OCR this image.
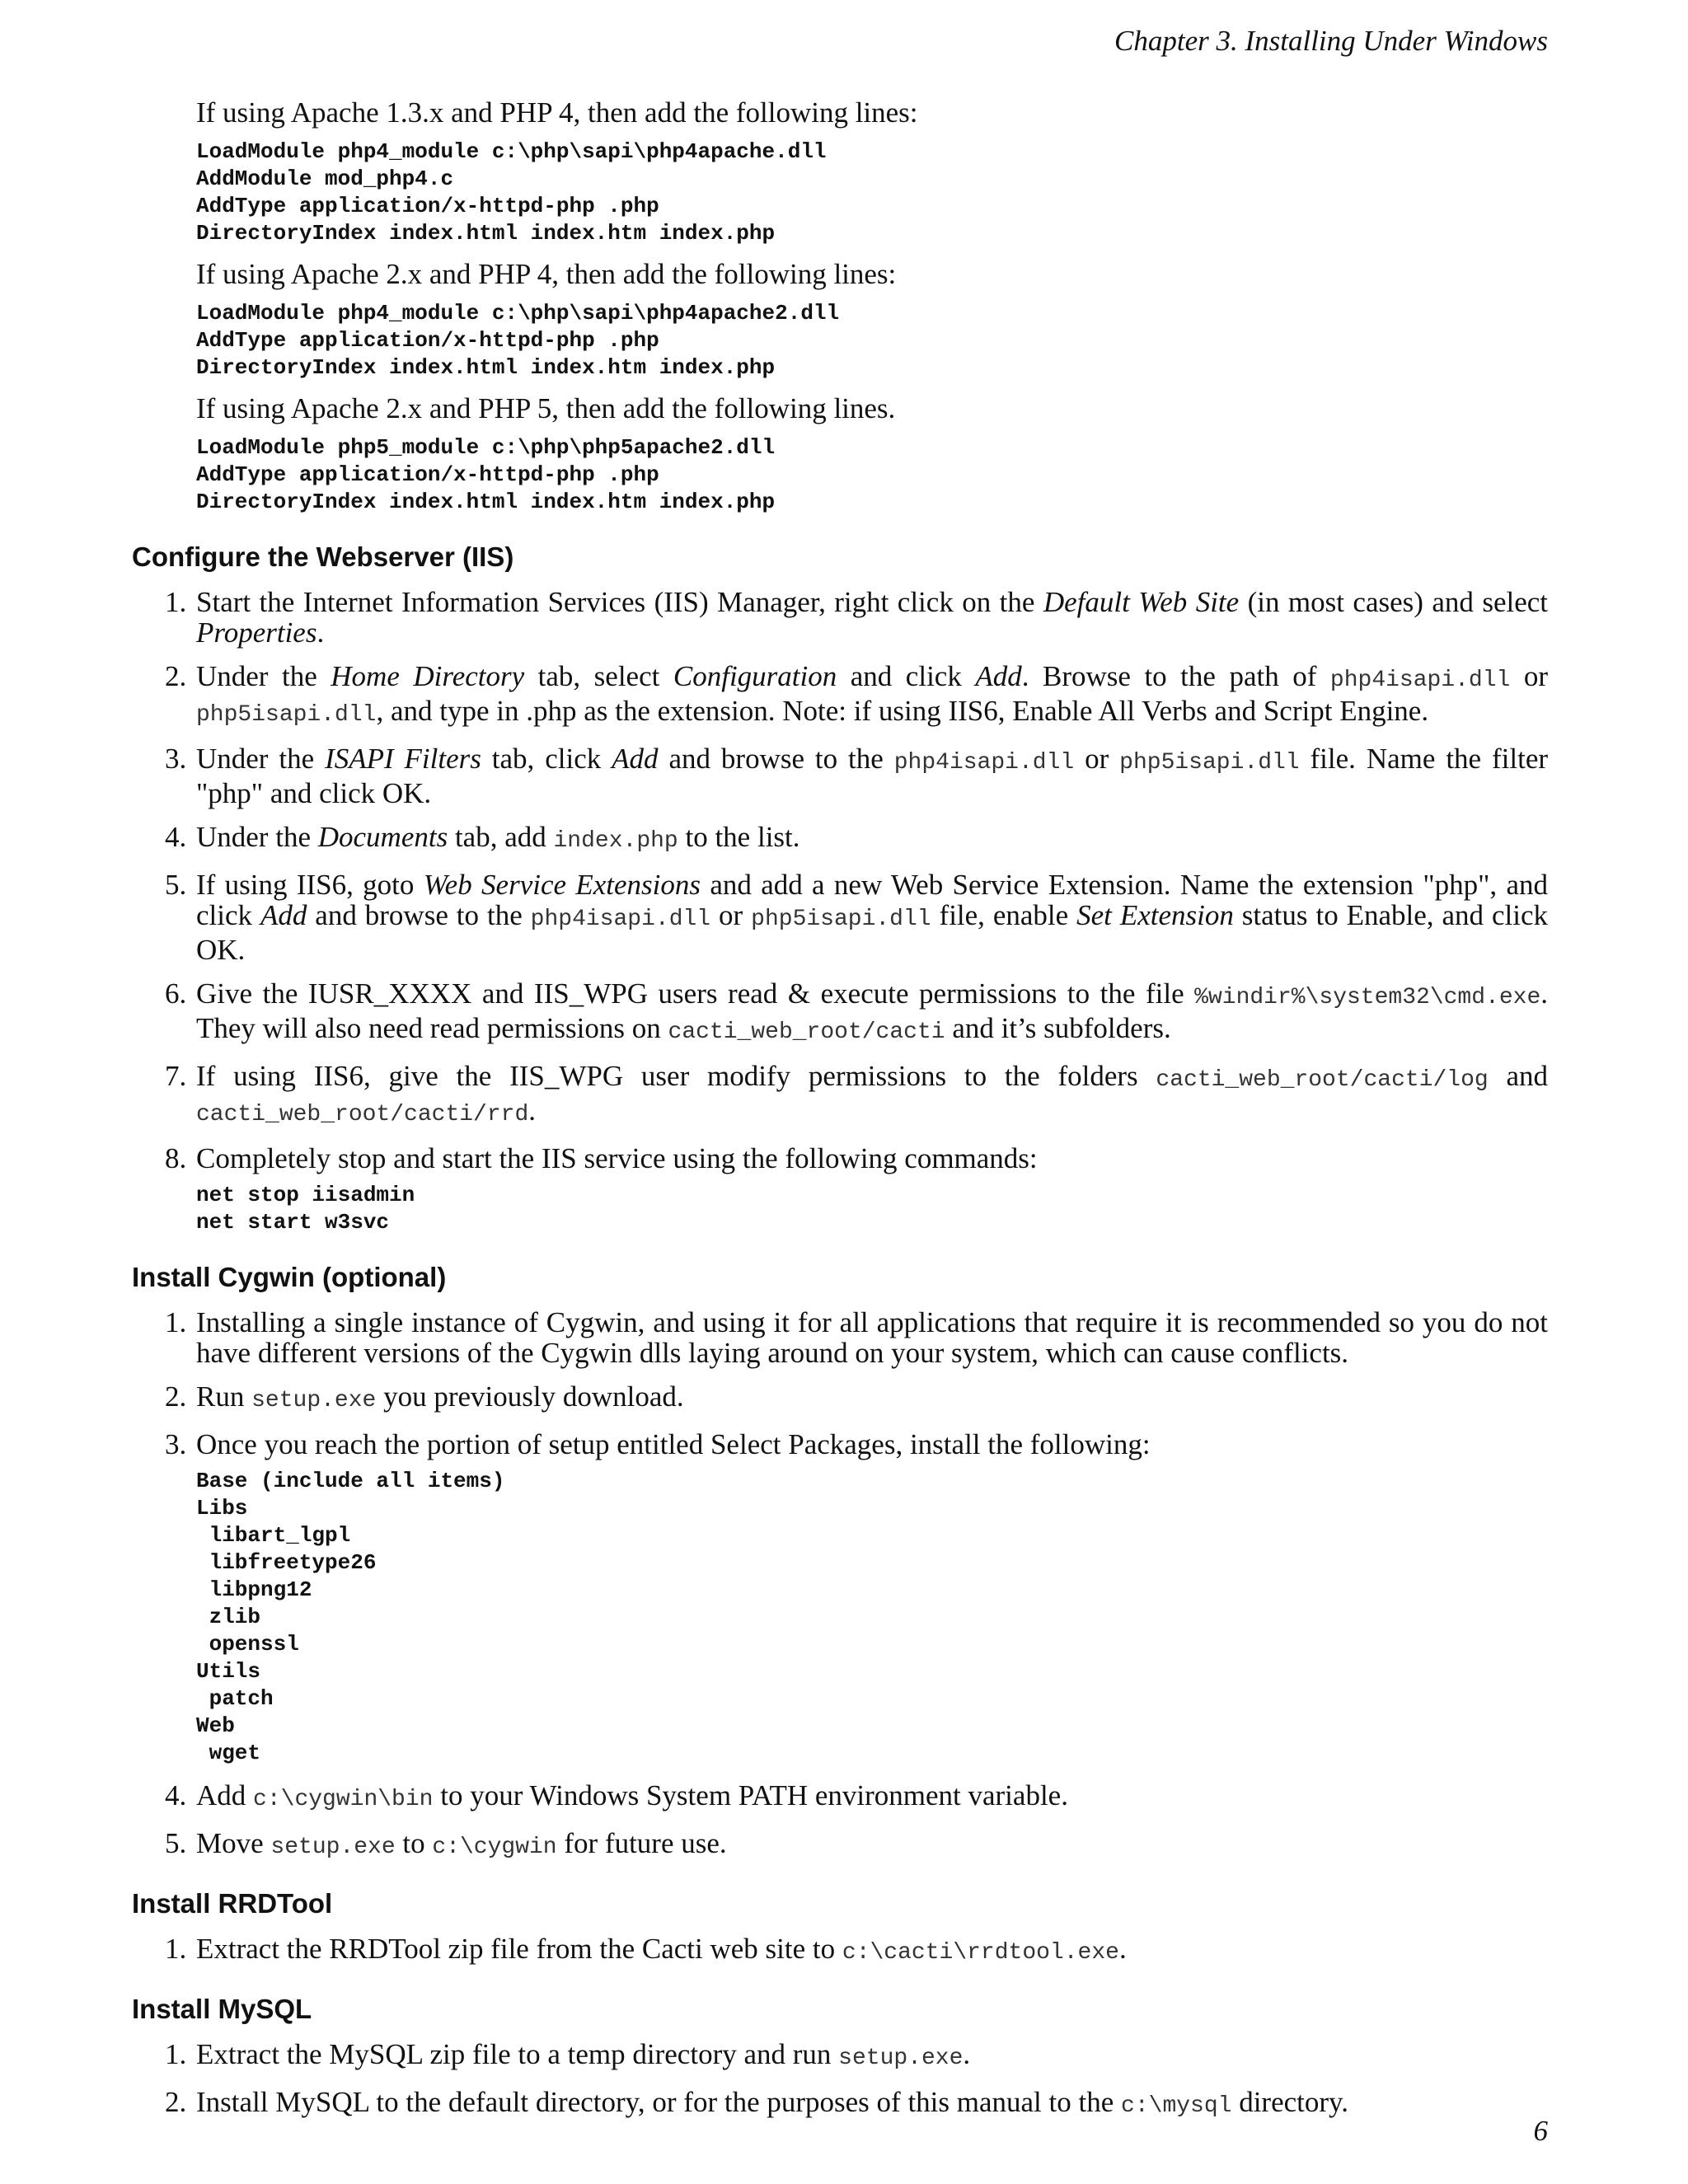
Chapter 3. Installing Under Windows

If using Apache 1.3.x and PHP 4, then add the following lines:

LoadModule php4_module c:\php\sapi\php4apache.dll
AddModule mod_php4.c
AddType application/x-httpd-php .php
DirectoryIndex index.html index.htm index.php

If using Apache 2.x and PHP 4, then add the following lines:

LoadModule php4_module c:\php\sapi\php4apache2.dll
AddType application/x-httpd-php .php
DirectoryIndex index.html index.htm index.php

If using Apache 2.x and PHP 5, then add the following lines.

LoadModule php5_module c:\php\php5apache2.dll
AddType application/x-httpd-php .php
DirectoryIndex index.html index.htm index.php
Configure the Webserver (IIS)
1. Start the Internet Information Services (IIS) Manager, right click on the Default Web Site (in most cases) and select Properties.
2. Under the Home Directory tab, select Configuration and click Add. Browse to the path of php4isapi.dll or php5isapi.dll, and type in .php as the extension. Note: if using IIS6, Enable All Verbs and Script Engine.
3. Under the ISAPI Filters tab, click Add and browse to the php4isapi.dll or php5isapi.dll file. Name the filter "php" and click OK.
4. Under the Documents tab, add index.php to the list.
5. If using IIS6, goto Web Service Extensions and add a new Web Service Extension. Name the extension "php", and click Add and browse to the php4isapi.dll or php5isapi.dll file, enable Set Extension status to Enable, and click OK.
6. Give the IUSR_XXXX and IIS_WPG users read & execute permissions to the file %windir%\system32\cmd.exe. They will also need read permissions on cacti_web_root/cacti and it’s subfolders.
7. If using IIS6, give the IIS_WPG user modify permissions to the folders cacti_web_root/cacti/log and cacti_web_root/cacti/rrd.
8. Completely stop and start the IIS service using the following commands:
net stop iisadmin
net start w3svc
Install Cygwin (optional)
1. Installing a single instance of Cygwin, and using it for all applications that require it is recommended so you do not have different versions of the Cygwin dlls laying around on your system, which can cause conflicts.
2. Run setup.exe you previously download.
3. Once you reach the portion of setup entitled Select Packages, install the following:
Base (include all items)
Libs
libart_lgpl
libfreetype26
libpng12
zlib
openssl
Utils
patch
Web
wget
4. Add c:\cygwin\bin to your Windows System PATH environment variable.
5. Move setup.exe to c:\cygwin for future use.
Install RRDTool
1. Extract the RRDTool zip file from the Cacti web site to c:\cacti\rrdtool.exe.
Install MySQL
1. Extract the MySQL zip file to a temp directory and run setup.exe.
2. Install MySQL to the default directory, or for the purposes of this manual to the c:\mysql directory.
6
